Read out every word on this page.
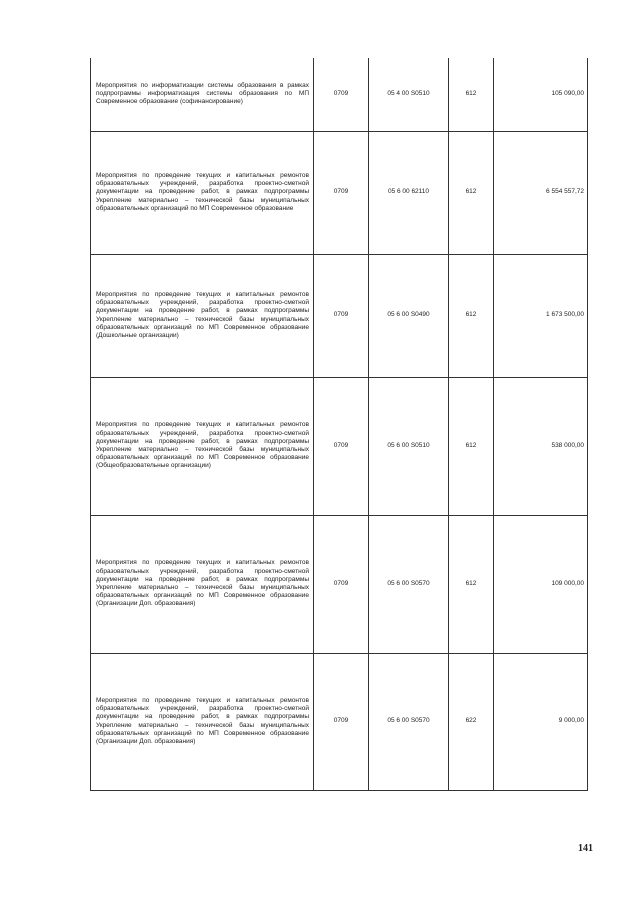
Мероприятия по информатизации системы образования в рамках подпрограммы информатизация системы образования по МП Современное образование (софинансирование)	0709	05 4 00 S0510	612	105 090,00
Мероприятия по проведение текущих и капитальных ремонтов образовательных учреждений, разработка проектно-сметной документации на проведение работ, в рамках подпрограммы Укрепление материально – технической базы муниципальных образовательных организаций по МП Современное образование	0709	05 6 00 62110	612	6 554 557,72
Мероприятия по проведение текущих и капитальных ремонтов образовательных учреждений, разработка проектно-сметной документации на проведение работ, в рамках подпрограммы Укрепление материально – технической базы муниципальных образовательных организаций по МП Современное образование (Дошкольные организации)	0709	05 6 00 S0490	612	1 673 500,00
Мероприятия по проведение текущих и капитальных ремонтов образовательных учреждений, разработка проектно-сметной документации на проведение работ, в рамках подпрограммы Укрепление материально – технической базы муниципальных образовательных организаций по МП Современное образование (Общеобразовательные организации)	0709	05 6 00 S0510	612	538 000,00
Мероприятия по проведение текущих и капитальных ремонтов образовательных учреждений, разработка проектно-сметной документации на проведение работ, в рамках подпрограммы Укрепление материально – технической базы муниципальных образовательных организаций по МП Современное образование (Организации Доп. образования)	0709	05 6 00 S0570	612	109 000,00
Мероприятия по проведение текущих и капитальных ремонтов образовательных учреждений, разработка проектно-сметной документации на проведение работ, в рамках подпрограммы Укрепление материально – технической базы муниципальных образовательных организаций по МП Современное образование (Организации Доп. образования)	0709	05 6 00 S0570	622	9 000,00
141
